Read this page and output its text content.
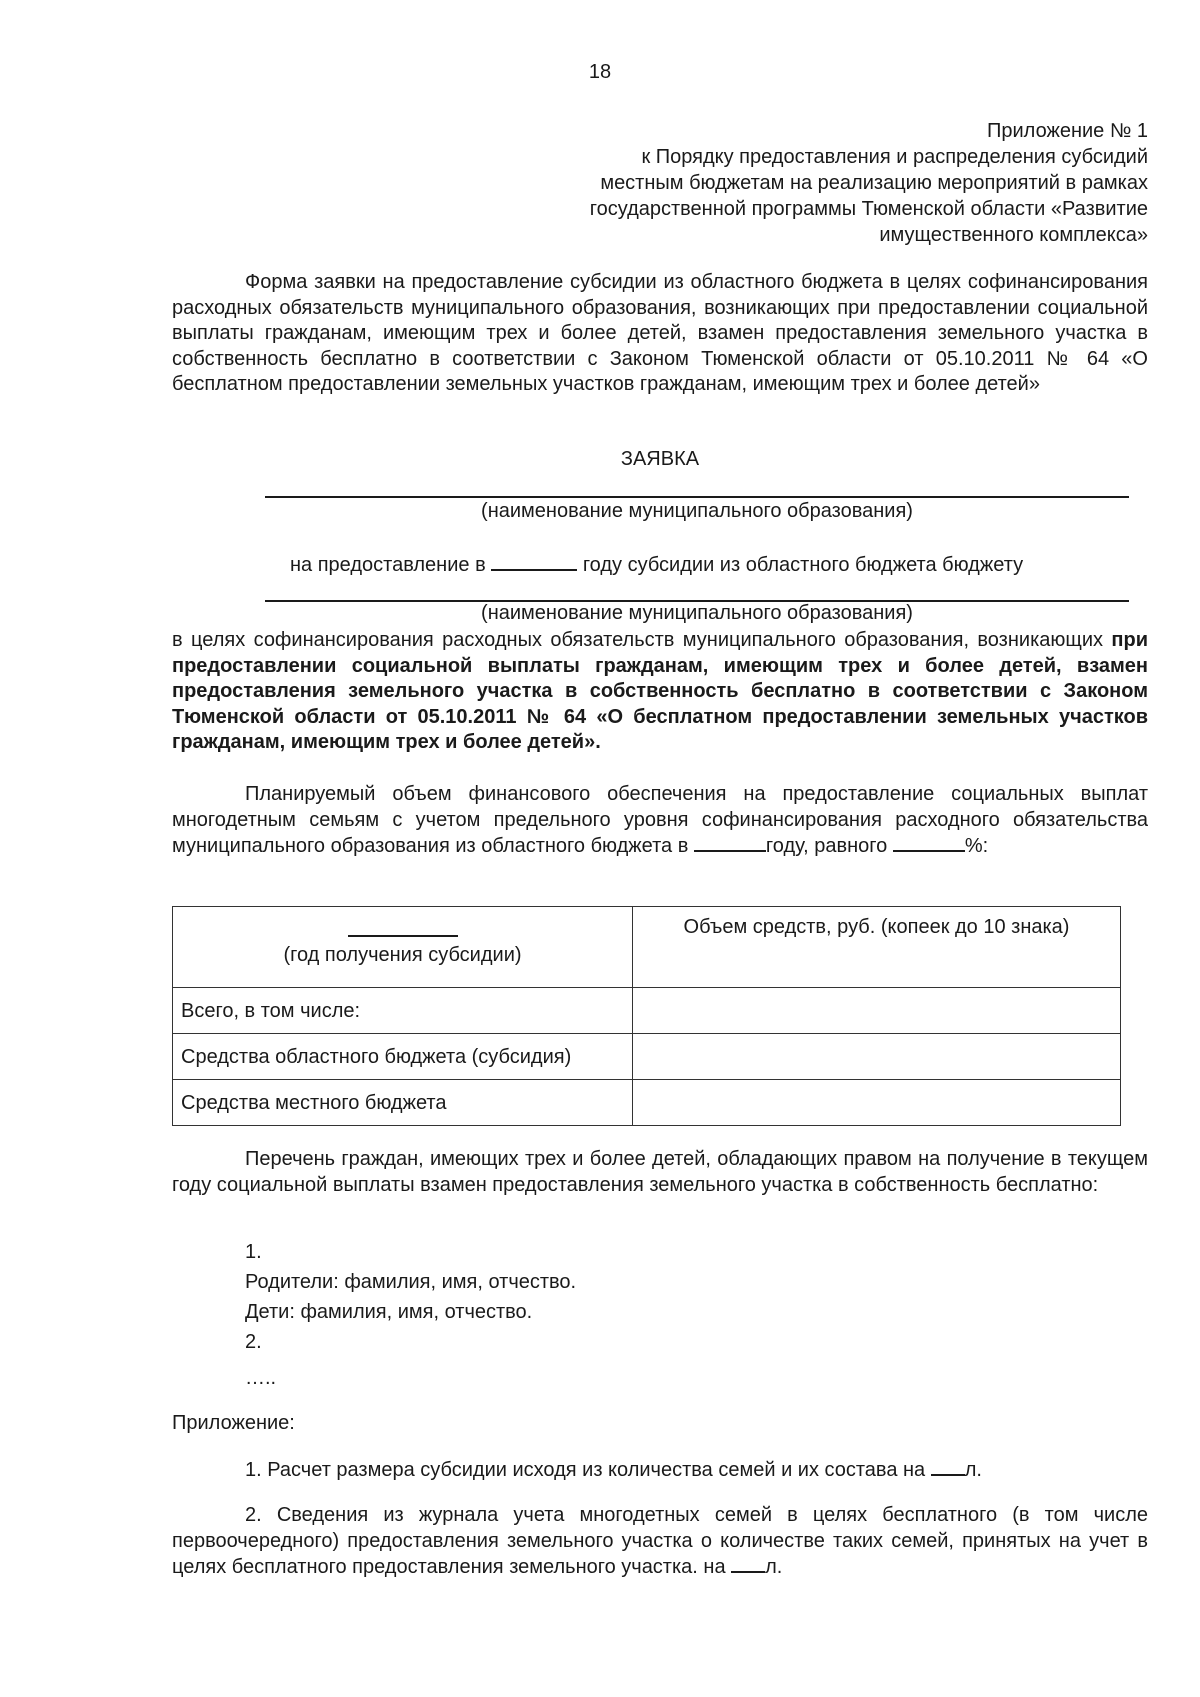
18
Приложение № 1
к Порядку предоставления и распределения субсидий
местным бюджетам на реализацию мероприятий в рамках
государственной программы Тюменской области «Развитие
имущественного комплекса»

Форма заявки на предоставление субсидии из областного бюджета в целях софинансирования расходных обязательств муниципального образования, возникающих при предоставлении социальной выплаты гражданам, имеющим трех и более детей, взамен предоставления земельного участка в собственность бесплатно в соответствии с Законом Тюменской области от 05.10.2011 № 64 «О бесплатном предоставлении земельных участков гражданам, имеющим трех и более детей»

ЗАЯВКА
(наименование муниципального образования)
на предоставление в	году субсидии из областного бюджета бюджету
(наименование муниципального образования)

в целях софинансирования расходных обязательств муниципального образования, возникающих при предоставлении социальной выплаты гражданам, имеющим трех и более детей, взамен предоставления земельного участка в собственность бесплатно в соответствии с Законом Тюменской области от 05.10.2011 № 64 «О бесплатном предоставлении земельных участков гражданам, имеющим трех и более детей».

Планируемый объем финансового обеспечения на предоставление социальных выплат многодетным семьям с учетом предельного уровня софинансирования расходного обязательства муниципального образования из областного бюджета в	году, равного	%:

(год получения субсидии)	Объем средств, руб. (копеек до 10 знака)
Всего, в том числе:	
Средства областного бюджета (субсидия)	
Средства местного бюджета	

Перечень граждан, имеющих трех и более детей, обладающих правом на получение в текущем году социальной выплаты взамен предоставления земельного участка в собственность бесплатно:

1.
Родители: фамилия, имя, отчество.
Дети: фамилия, имя, отчество.
2.
…..
Приложение:
1. Расчет размера субсидии исходя из количества семей и их состава на л.

2. Сведения из журнала учета многодетных семей в целях бесплатного (в том числе первоочередного) предоставления земельного участка о количестве таких семей, принятых на учет в целях бесплатного предоставления земельного участка. на л.
